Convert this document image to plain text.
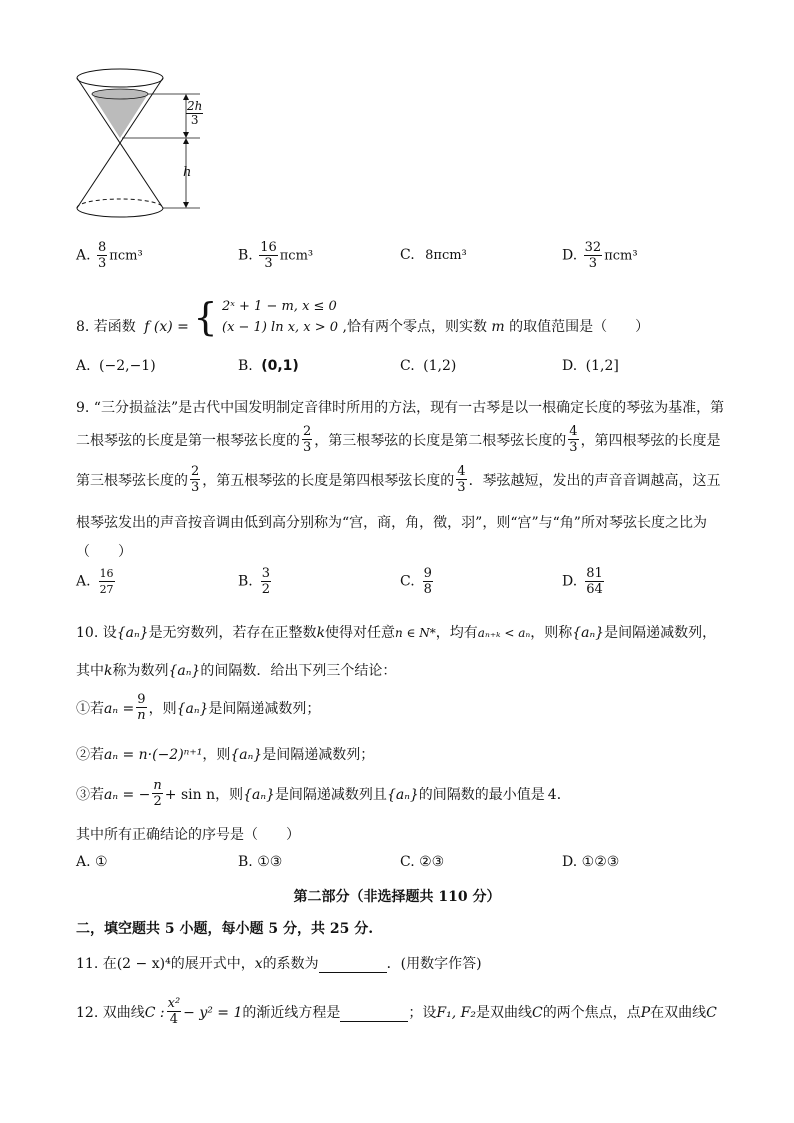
2h
3
h
A. $\frac{8}{3} \pi cm^3$	B. $\frac{16}{3} \pi cm^3$	C. 8πcm³	D. $\frac{32}{3} \pi cm^3$
8. 若函数 f (x) = { 2ˣ + 1 − m, x ≤ 0
(x − 1) ln x, x > 0 ,恰有两个零点，则实数 m 的取值范围是（　　）
A. (−2,−1)	B. (0,1)	C. (1,2)	D. (1,2]
9. “三分损益法”是古代中国发明制定音律时所用的方法，现有一古琴是以一根确定长度的琴弦为基准，第
二根琴弦的长度是第一根琴弦长度的 $\frac{2}{3}$ ，第三根琴弦的长度是第二根琴弦长度的 $\frac{4}{3}$ ，第四根琴弦的长度是
第三根琴弦长度的 $\frac{2}{3}$ ，第五根琴弦的长度是第四根琴弦长度的 $\frac{4}{3}$ ．琴弦越短，发出的声音音调越高，这五
根琴弦发出的声音按音调由低到高分别称为“宫，商，角，徵，羽”，则“宫”与“角”所对琴弦长度之比为
（　　）
A. $\frac{16}{27}$	B. $\frac{3}{2}$	C. $\frac{9}{8}$	D. $\frac{81}{64}$
10. 设{aₙ}是无穷数列，若存在正整数k使得对任意n ∈ N*，均有aₙ₊ₖ < aₙ，则称{aₙ}是间隔递减数列，
其中k称为数列{aₙ}的间隔数．给出下列三个结论：
①若$a_n = \frac{9}{n}$ ，则{aₙ}是间隔递减数列；
②若aₙ = n·(−2)ⁿ⁺¹，则{aₙ}是间隔递减数列；
③若aₙ = − $\frac{n}{2} + \sin n$，则{aₙ}是间隔递减数列且{aₙ}的间隔数的最小值是 4．
其中所有正确结论的序号是（　　）
A. ①	B. ①③	C. ②③	D. ①②③
第二部分（非选择题共 110 分）
二，填空题共 5 小题，每小题 5 分，共 25 分.
11. 在(2 − x)⁴的展开式中，x的系数为	．(用数字作答)
12. 双曲线C : $\frac{\text{x²}}{4} - y^2 = 1$的渐近线方程是	；设F₁, F₂是双曲线C的两个焦点，点P在双曲线C
